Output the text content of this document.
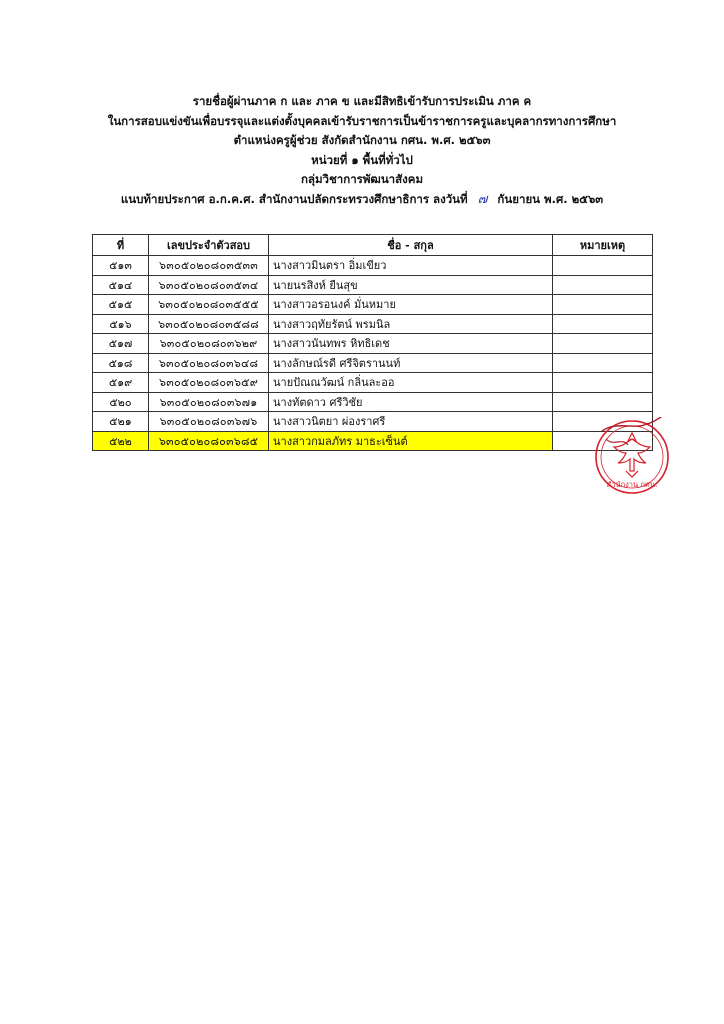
รายชื่อผู้ผ่านภาค ก และ ภาค ข และมีสิทธิเข้ารับการประเมิน ภาค ค
ในการสอบแข่งขันเพื่อบรรจุและแต่งตั้งบุคคลเข้ารับราชการเป็นข้าราชการครูและบุคลากรทางการศึกษา
ตำแหน่งครูผู้ช่วย สังกัดสำนักงาน กศน. พ.ศ. ๒๕๖๓
หน่วยที่ ๑ พื้นที่ทั่วไป
กลุ่มวิชาการพัฒนาสังคม
แนบท้ายประกาศ อ.ก.ค.ศ. สำนักงานปลัดกระทรวงศึกษาธิการ ลงวันที่ ๗ กันยายน พ.ศ. ๒๕๖๓
ที่	เลขประจำตัวสอบ	ชื่อ - สกุล	หมายเหตุ
๕๑๓	๖๓๐๕๐๒๐๘๐๓๕๓๓	นางสาวมินตรา อิ่มเขียว	
๕๑๔	๖๓๐๕๐๒๐๘๐๓๕๓๔	นายนรสิงห์ ยืนสุข	
๕๑๕	๖๓๐๕๐๒๐๘๐๓๕๕๕	นางสาวอรอนงค์ มั่นหมาย	
๕๑๖	๖๓๐๕๐๒๐๘๐๓๕๘๘	นางสาวฤทัยรัตน์ พรมนิล	
๕๑๗	๖๓๐๕๐๒๐๘๐๓๖๒๙	นางสาวนันทพร หิทธิเดช	
๕๑๘	๖๓๐๕๐๒๐๘๐๓๖๔๘	นางลักษณ์รดี ศรีจิตรานนท์	
๕๑๙	๖๓๐๕๐๒๐๘๐๓๖๕๙	นายปัณณวัฒน์ กลิ่นละออ	
๕๒๐	๖๓๐๕๐๒๐๘๐๓๖๗๑	นางทัตดาว ศรีวิชัย	
๕๒๑	๖๓๐๕๐๒๐๘๐๓๖๗๖	นางสาวนิตยา ผ่องราศรี	
๕๒๒	๖๓๐๕๐๒๐๘๐๓๖๘๕	นางสาวกมลภัทร มาธะเซ็นต์	
สำนักงาน กศน.
